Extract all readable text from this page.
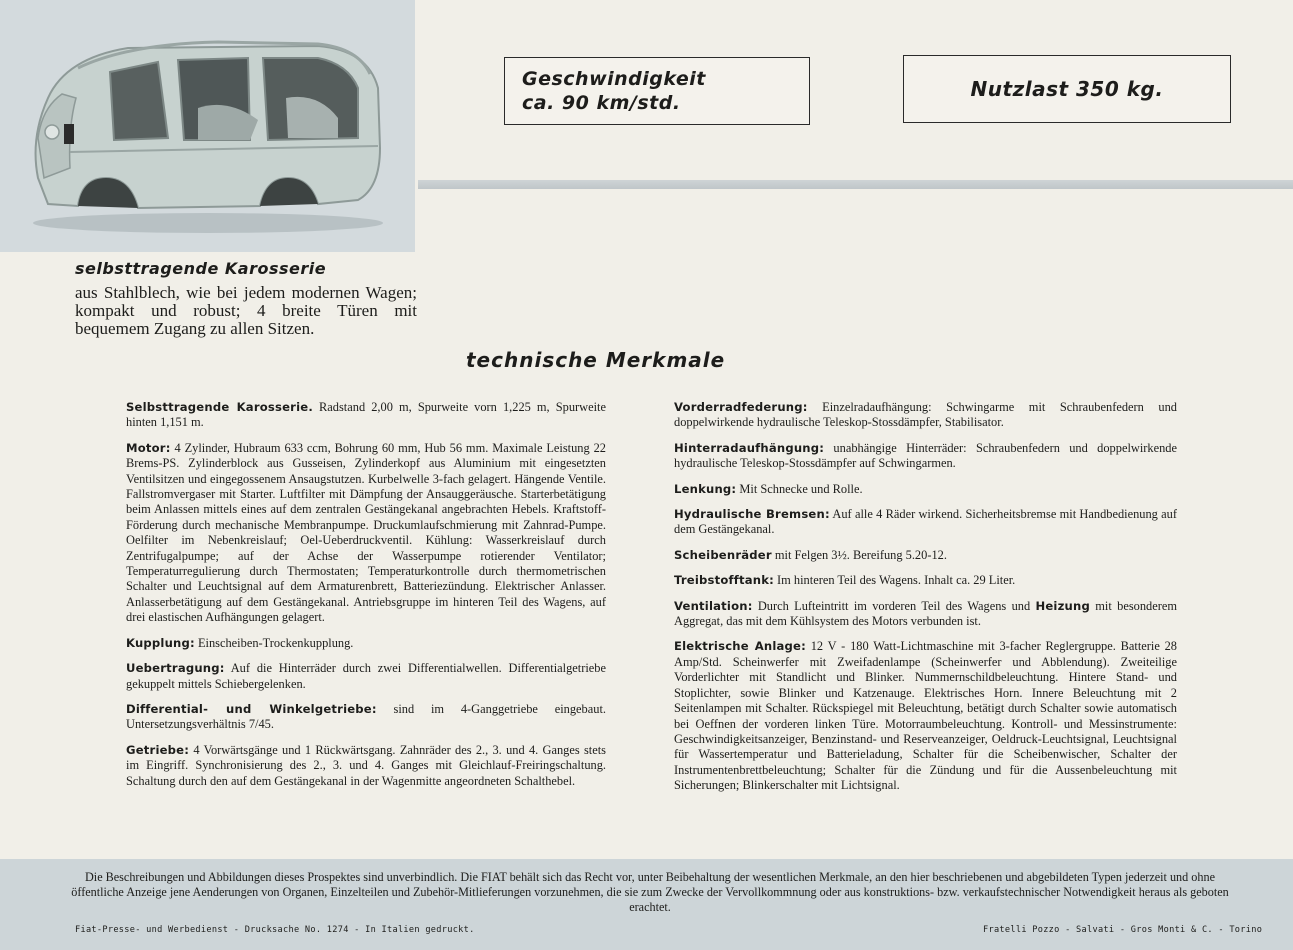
selbsttragende Karosserie
aus Stahlblech, wie bei jedem modernen Wagen; kompakt und robust; 4 breite Türen mit bequemem Zugang zu allen Sitzen.
Geschwindigkeit
ca. 90 km/std.
Nutzlast 350 kg.
technische Merkmale
Selbsttragende Karosserie. Radstand 2,00 m, Spurweite vorn 1,225 m, Spurweite hinten 1,151 m.
Motor: 4 Zylinder, Hubraum 633 ccm, Bohrung 60 mm, Hub 56 mm. Maximale Leistung 22 Brems-PS. Zylinderblock aus Gusseisen, Zylinderkopf aus Aluminium mit eingesetzten Ventilsitzen und eingegossenem Ansaugstutzen. Kurbelwelle 3-fach gelagert. Hängende Ventile. Fallstromvergaser mit Starter. Luftfilter mit Dämpfung der Ansauggeräusche. Starterbetätigung beim Anlassen mittels eines auf dem zentralen Gestängekanal angebrachten Hebels. Kraftstoff-Förderung durch mechanische Membranpumpe. Druckumlaufschmierung mit Zahnrad-Pumpe. Oelfilter im Nebenkreislauf; Oel-Ueberdruckventil. Kühlung: Wasserkreislauf durch Zentrifugalpumpe; auf der Achse der Wasserpumpe rotierender Ventilator; Temperaturregulierung durch Thermostaten; Temperaturkontrolle durch thermometrischen Schalter und Leuchtsignal auf dem Armaturenbrett, Batteriezündung. Elektrischer Anlasser. Anlasserbetätigung auf dem Gestängekanal. Antriebsgruppe im hinteren Teil des Wagens, auf drei elastischen Aufhängungen gelagert.
Kupplung: Einscheiben-Trockenkupplung.
Uebertragung: Auf die Hinterräder durch zwei Differentialwellen. Differentialgetriebe gekuppelt mittels Schiebergelenken.
Differential- und Winkelgetriebe: sind im 4-Ganggetriebe eingebaut. Untersetzungsverhältnis 7/45.
Getriebe: 4 Vorwärtsgänge und 1 Rückwärtsgang. Zahnräder des 2., 3. und 4. Ganges stets im Eingriff. Synchronisierung des 2., 3. und 4. Ganges mit Gleichlauf-Freiringschaltung. Schaltung durch den auf dem Gestängekanal in der Wagenmitte angeordneten Schalthebel.
Vorderradfederung: Einzelradaufhängung: Schwingarme mit Schraubenfedern und doppelwirkende hydraulische Teleskop-Stossdämpfer, Stabilisator.
Hinterradaufhängung: unabhängige Hinterräder: Schraubenfedern und doppelwirkende hydraulische Teleskop-Stossdämpfer auf Schwingarmen.
Lenkung: Mit Schnecke und Rolle.
Hydraulische Bremsen: Auf alle 4 Räder wirkend. Sicherheitsbremse mit Handbedienung auf dem Gestängekanal.
Scheibenräder mit Felgen 3½. Bereifung 5.20-12.
Treibstofftank: Im hinteren Teil des Wagens. Inhalt ca. 29 Liter.
Ventilation: Durch Lufteintritt im vorderen Teil des Wagens und Heizung mit besonderem Aggregat, das mit dem Kühlsystem des Motors verbunden ist.
Elektrische Anlage: 12 V - 180 Watt-Lichtmaschine mit 3-facher Reglergruppe. Batterie 28 Amp/Std. Scheinwerfer mit Zweifadenlampe (Scheinwerfer und Abblendung). Zweiteilige Vorderlichter mit Standlicht und Blinker. Nummernschildbeleuchtung. Hintere Stand- und Stoplichter, sowie Blinker und Katzenauge. Elektrisches Horn. Innere Beleuchtung mit 2 Seitenlampen mit Schalter. Rückspiegel mit Beleuchtung, betätigt durch Schalter sowie automatisch bei Oeffnen der vorderen linken Türe. Motorraumbeleuchtung. Kontroll- und Messinstrumente: Geschwindigkeitsanzeiger, Benzinstand- und Reserveanzeiger, Oeldruck-Leuchtsignal, Leuchtsignal für Wassertemperatur und Batterieladung, Schalter für die Scheibenwischer, Schalter der Instrumentenbrettbeleuchtung; Schalter für die Zündung und für die Aussenbeleuchtung mit Sicherungen; Blinkerschalter mit Lichtsignal.
Die Beschreibungen und Abbildungen dieses Prospektes sind unverbindlich. Die FIAT behält sich das Recht vor, unter Beibehaltung der wesentlichen Merkmale, an den hier beschriebenen und abgebildeten Typen jederzeit und ohne öffentliche Anzeige jene Aenderungen von Organen, Einzelteilen und Zubehör-Mitlieferungen vorzunehmen, die sie zum Zwecke der Vervollkommnung oder aus konstruktions- bzw. verkaufstechnischer Notwendigkeit heraus als geboten erachtet.
Fiat-Presse- und Werbedienst - Drucksache No. 1274 - In Italien gedruckt.	Fratelli Pozzo - Salvati - Gros Monti & C. - Torino
